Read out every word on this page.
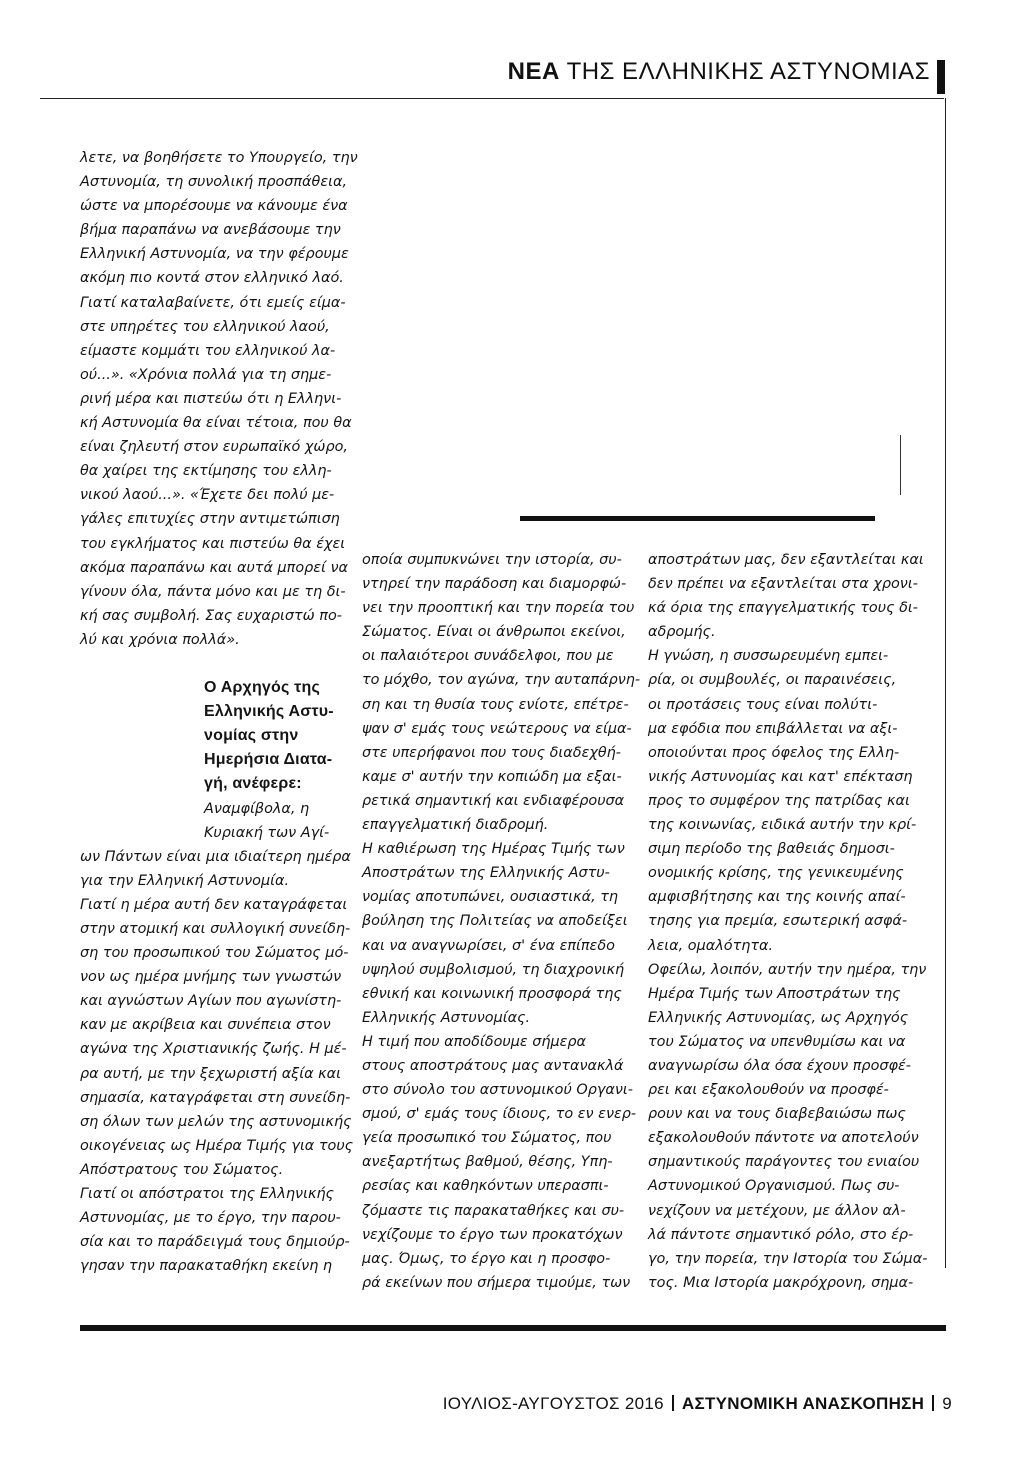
ΝΕΑ ΤΗΣ ΕΛΛΗΝΙΚΗΣ ΑΣΤΥΝΟΜΙΑΣ
λετε, να βοηθήσετε το Υπουργείο, την
Αστυνομία, τη συνολική προσπάθεια,
ώστε να μπορέσουμε να κάνουμε ένα
βήμα παραπάνω να ανεβάσουμε την
Ελληνική Αστυνομία, να την φέρουμε
ακόμη πιο κοντά στον ελληνικό λαό.
Γιατί καταλαβαίνετε, ότι εμείς είμα-
στε υπηρέτες του ελληνικού λαού,
είμαστε κομμάτι του ελληνικού λα-
ού...». «Χρόνια πολλά για τη σημε-
ρινή μέρα και πιστεύω ότι η Ελληνι-
κή Αστυνομία θα είναι τέτοια, που θα
είναι ζηλευτή στον ευρωπαϊκό χώρο,
θα χαίρει της εκτίμησης του ελλη-
νικού λαού...». «Έχετε δει πολύ με-
γάλες επιτυχίες στην αντιμετώπιση
του εγκλήματος και πιστεύω θα έχει
ακόμα παραπάνω και αυτά μπορεί να
γίνουν όλα, πάντα μόνο και με τη δι-
κή σας συμβολή. Σας ευχαριστώ πο-
λύ και χρόνια πολλά».
Ο Αρχηγός της
Ελληνικής Αστυ-
νομίας στην
Ημερήσια Διατα-
γή, ανέφερε:
Αναμφίβολα, η
Κυριακή των Αγί-
ων Πάντων είναι μια ιδιαίτερη ημέρα
για την Ελληνική Αστυνομία.
Γιατί η μέρα αυτή δεν καταγράφεται
στην ατομική και συλλογική συνείδη-
ση του προσωπικού του Σώματος μό-
νον ως ημέρα μνήμης των γνωστών
και αγνώστων Αγίων που αγωνίστη-
καν με ακρίβεια και συνέπεια στον
αγώνα της Χριστιανικής ζωής. Η μέ-
ρα αυτή, με την ξεχωριστή αξία και
σημασία, καταγράφεται στη συνείδη-
ση όλων των μελών της αστυνομικής
οικογένειας ως Ημέρα Τιμής για τους
Απόστρατους του Σώματος.
Γιατί οι απόστρατοι της Ελληνικής
Αστυνομίας, με το έργο, την παρου-
σία και το παράδειγμά τους δημιούρ-
γησαν την παρακαταθήκη εκείνη η
οποία συμπυκνώνει την ιστορία, συ-
ντηρεί την παράδοση και διαμορφώ-
νει την προοπτική και την πορεία του
Σώματος. Είναι οι άνθρωποι εκείνοι,
οι παλαιότεροι συνάδελφοι, που με
το μόχθο, τον αγώνα, την αυταπάρνη-
ση και τη θυσία τους ενίοτε, επέτρε-
ψαν σ' εμάς τους νεώτερους να είμα-
στε υπερήφανοι που τους διαδεχθή-
καμε σ' αυτήν την κοπιώδη μα εξαι-
ρετικά σημαντική και ενδιαφέρουσα
επαγγελματική διαδρομή.
Η καθιέρωση της Ημέρας Τιμής των
Αποστράτων της Ελληνικής Αστυ-
νομίας αποτυπώνει, ουσιαστικά, τη
βούληση της Πολιτείας να αποδείξει
και να αναγνωρίσει, σ' ένα επίπεδο
υψηλού συμβολισμού, τη διαχρονική
εθνική και κοινωνική προσφορά της
Ελληνικής Αστυνομίας.
Η τιμή που αποδίδουμε σήμερα
στους αποστράτους μας αντανακλά
στο σύνολο του αστυνομικού Οργανι-
σμού, σ' εμάς τους ίδιους, το εν ενερ-
γεία προσωπικό του Σώματος, που
ανεξαρτήτως βαθμού, θέσης, Υπη-
ρεσίας και καθηκόντων υπερασπι-
ζόμαστε τις παρακαταθήκες και συ-
νεχίζουμε το έργο των προκατόχων
μας. Όμως, το έργο και η προσφο-
ρά εκείνων που σήμερα τιμούμε, των
αποστράτων μας, δεν εξαντλείται και
δεν πρέπει να εξαντλείται στα χρονι-
κά όρια της επαγγελματικής τους δι-
αδρομής.
Η γνώση, η συσσωρευμένη εμπει-
ρία, οι συμβουλές, οι παραινέσεις,
οι προτάσεις τους είναι πολύτι-
μα εφόδια που επιβάλλεται να αξι-
οποιούνται προς όφελος της Ελλη-
νικής Αστυνομίας και κατ' επέκταση
προς το συμφέρον της πατρίδας και
της κοινωνίας, ειδικά αυτήν την κρί-
σιμη περίοδο της βαθειάς δημοσι-
ονομικής κρίσης, της γενικευμένης
αμφισβήτησης και της κοινής απαί-
τησης για πρεμία, εσωτερική ασφά-
λεια, ομαλότητα.
Οφείλω, λοιπόν, αυτήν την ημέρα, την
Ημέρα Τιμής των Αποστράτων της
Ελληνικής Αστυνομίας, ως Αρχηγός
του Σώματος να υπενθυμίσω και να
αναγνωρίσω όλα όσα έχουν προσφέ-
ρει και εξακολουθούν να προσφέ-
ρουν και να τους διαβεβαιώσω πως
εξακολουθούν πάντοτε να αποτελούν
σημαντικούς παράγοντες του ενιαίου
Αστυνομικού Οργανισμού. Πως συ-
νεχίζουν να μετέχουν, με άλλον αλ-
λά πάντοτε σημαντικό ρόλο, στο έρ-
γο, την πορεία, την Ιστορία του Σώμα-
τος. Μια Ιστορία μακρόχρονη, σημα-
ΙΟΥΛΙΟΣ-ΑΥΓΟΥΣΤΟΣ 2016 ΑΣΤΥΝΟΜΙΚΗ ΑΝΑΣΚΟΠΗΣΗ 9
